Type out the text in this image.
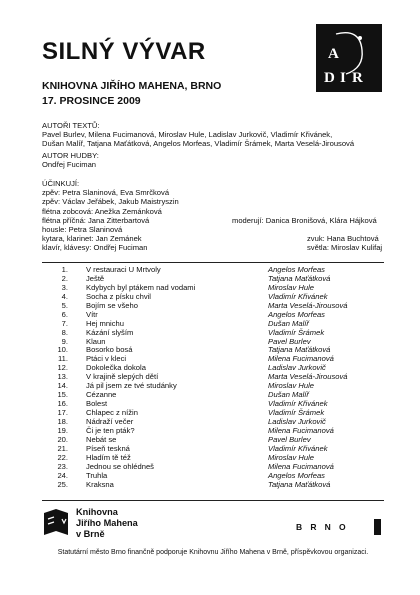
SILNÝ VÝVAR
KNIHOVNA JIŘÍHO MAHENA, BRNO
17. PROSINCE 2009
A
D I R
AUTOŘI TEXTŮ:
Pavel Burlev, Milena Fucimanová, Miroslav Hule, Ladislav Jurkovič, Vladimír Křivánek,
Dušan Malíř, Tatjana Maťátková, Angelos Morfeas, Vladimír Šrámek, Marta Veselá-Jirousová
AUTOR HUDBY:
Ondřej Fuciman
ÚČINKUJÍ:
zpěv: Petra Slaninová, Eva Smrčková
zpěv: Václav Jeřábek, Jakub Maistryszin
flétna zobcová: Anežka Zemánková
flétna příčná: Jana Zitterbartová
housle: Petra Slaninová
kytara, klarinet: Jan Zemánek
klavír, klávesy: Ondřej Fuciman
moderují: Danica Bronišová, Klára Hájková
zvuk: Hana Buchtová
světla: Miroslav Kulifaj
1. V restauraci U Mrtvoly	Angelos Morfeas
2. Ještě	Tatjana Maťátková
3. Kdybych byl ptákem nad vodami	Miroslav Hule
4. Socha z písku chvil	Vladimír Křivánek
5. Bojím se všeho	Marta Veselá-Jirousová
6. Vítr	Angelos Morfeas
7. Hej mnichu	Dušan Malíř
8. Kázání slyším	Vladimír Šrámek
9. Klaun	Pavel Burlev
10. Bosorko bosá	Tatjana Maťátková
11. Ptáci v kleci	Milena Fucimanová
12. Dokolečka dokola	Ladislav Jurkovič
13. V krajině slepých dětí	Marta Veselá-Jirousová
14. Já pil jsem ze tvé studánky	Miroslav Hule
15. Cézanne	Dušan Malíř
16. Bolest	Vladimír Křivánek
17. Chlapec z nížin	Vladimír Šrámek
18. Nádraží večer	Ladislav Jurkovič
19. Či je ten pták?	Milena Fucimanová
20. Nebát se	Pavel Burlev
21. Píseň teskná	Vladimír Křivánek
22. Hladím tě též	Miroslav Hule
23. Jednou se ohlédneš	Milena Fucimanová
24. Truhla	Angelos Morfeas
25. Kraksna	Tatjana Maťátková
Knihovna
Jiřího Mahena
v Brně
BRNO
Statutární město Brno finančně podporuje Knihovnu Jiřího Mahena v Brně, příspěvkovou organizaci.
